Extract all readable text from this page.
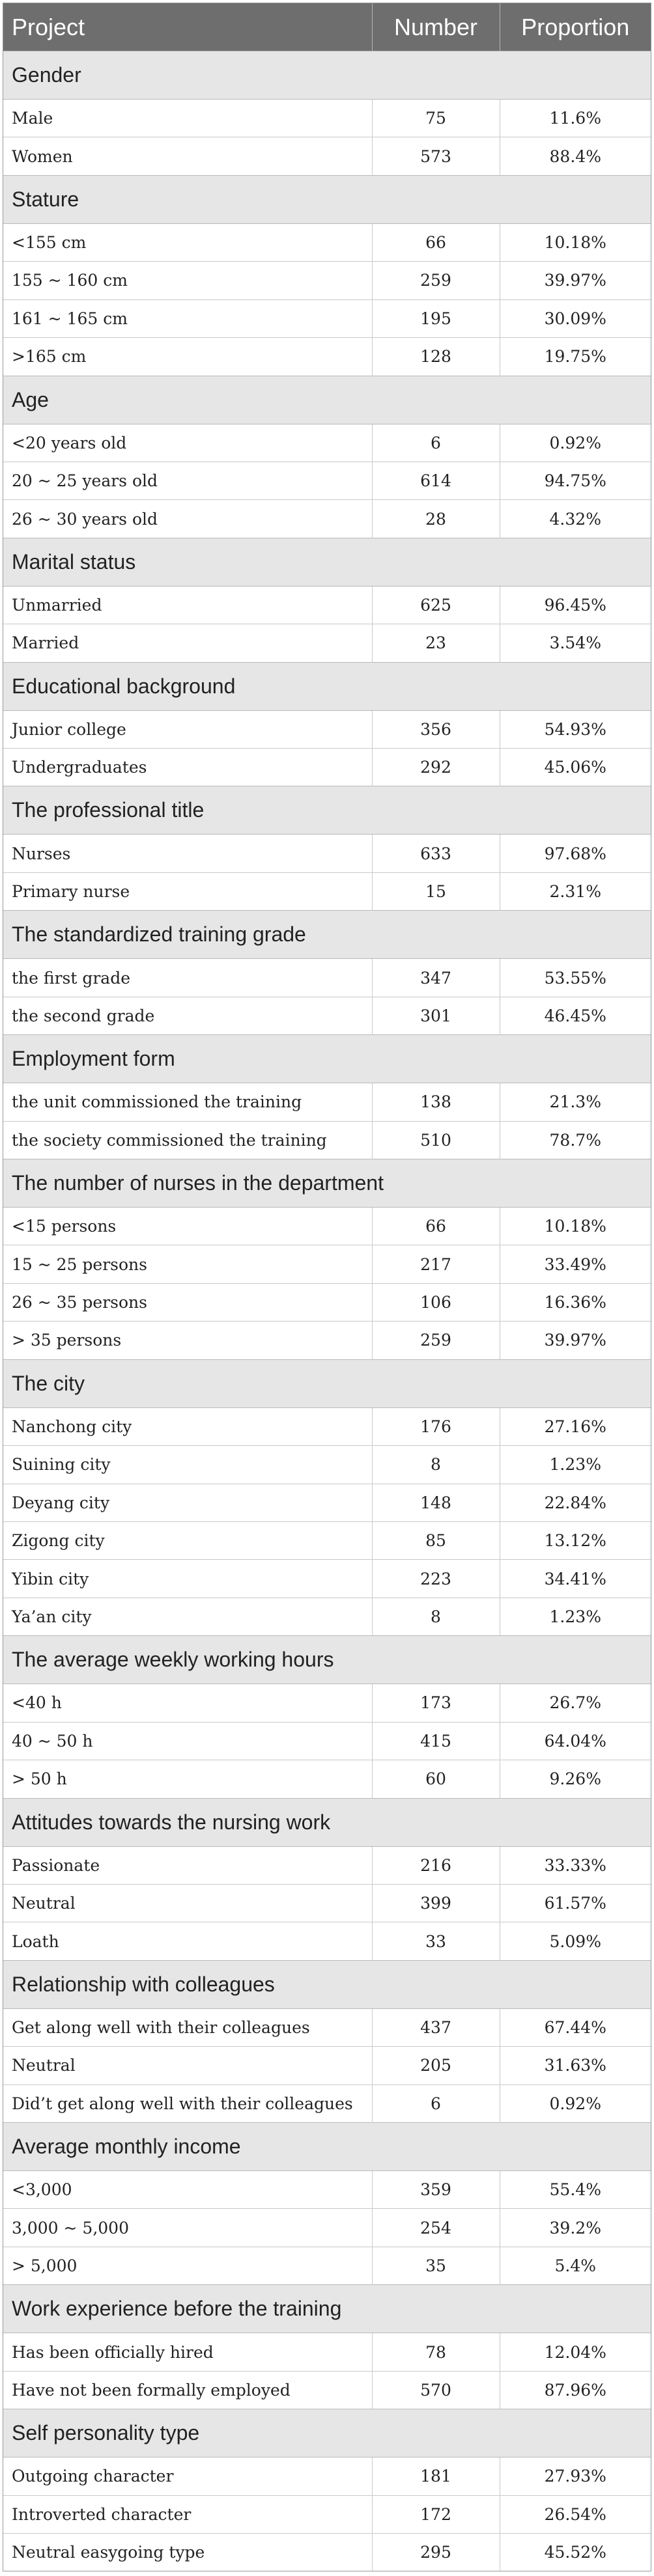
Project	Number	Proportion
Gender		
Male	75	11.6%
Women	573	88.4%
Stature		
<155 cm	66	10.18%
155 ~ 160 cm	259	39.97%
161 ~ 165 cm	195	30.09%
>165 cm	128	19.75%
Age		
<20 years old	6	0.92%
20 ~ 25 years old	614	94.75%
26 ~ 30 years old	28	4.32%
Marital status		
Unmarried	625	96.45%
Married	23	3.54%
Educational background		
Junior college	356	54.93%
Undergraduates	292	45.06%
The professional title		
Nurses	633	97.68%
Primary nurse	15	2.31%
The standardized training grade		
the first grade	347	53.55%
the second grade	301	46.45%
Employment form		
the unit commissioned the training	138	21.3%
the society commissioned the training	510	78.7%
The number of nurses in the department		
<15 persons	66	10.18%
15 ~ 25 persons	217	33.49%
26 ~ 35 persons	106	16.36%
> 35 persons	259	39.97%
The city		
Nanchong city	176	27.16%
Suining city	8	1.23%
Deyang city	148	22.84%
Zigong city	85	13.12%
Yibin city	223	34.41%
Ya’an city	8	1.23%
The average weekly working hours		
<40 h	173	26.7%
40 ~ 50 h	415	64.04%
> 50 h	60	9.26%
Attitudes towards the nursing work		
Passionate	216	33.33%
Neutral	399	61.57%
Loath	33	5.09%
Relationship with colleagues		
Get along well with their colleagues	437	67.44%
Neutral	205	31.63%
Did’t get along well with their colleagues	6	0.92%
Average monthly income		
<3,000	359	55.4%
3,000 ~ 5,000	254	39.2%
> 5,000	35	5.4%
Work experience before the training		
Has been officially hired	78	12.04%
Have not been formally employed	570	87.96%
Self personality type		
Outgoing character	181	27.93%
Introverted character	172	26.54%
Neutral easygoing type	295	45.52%
